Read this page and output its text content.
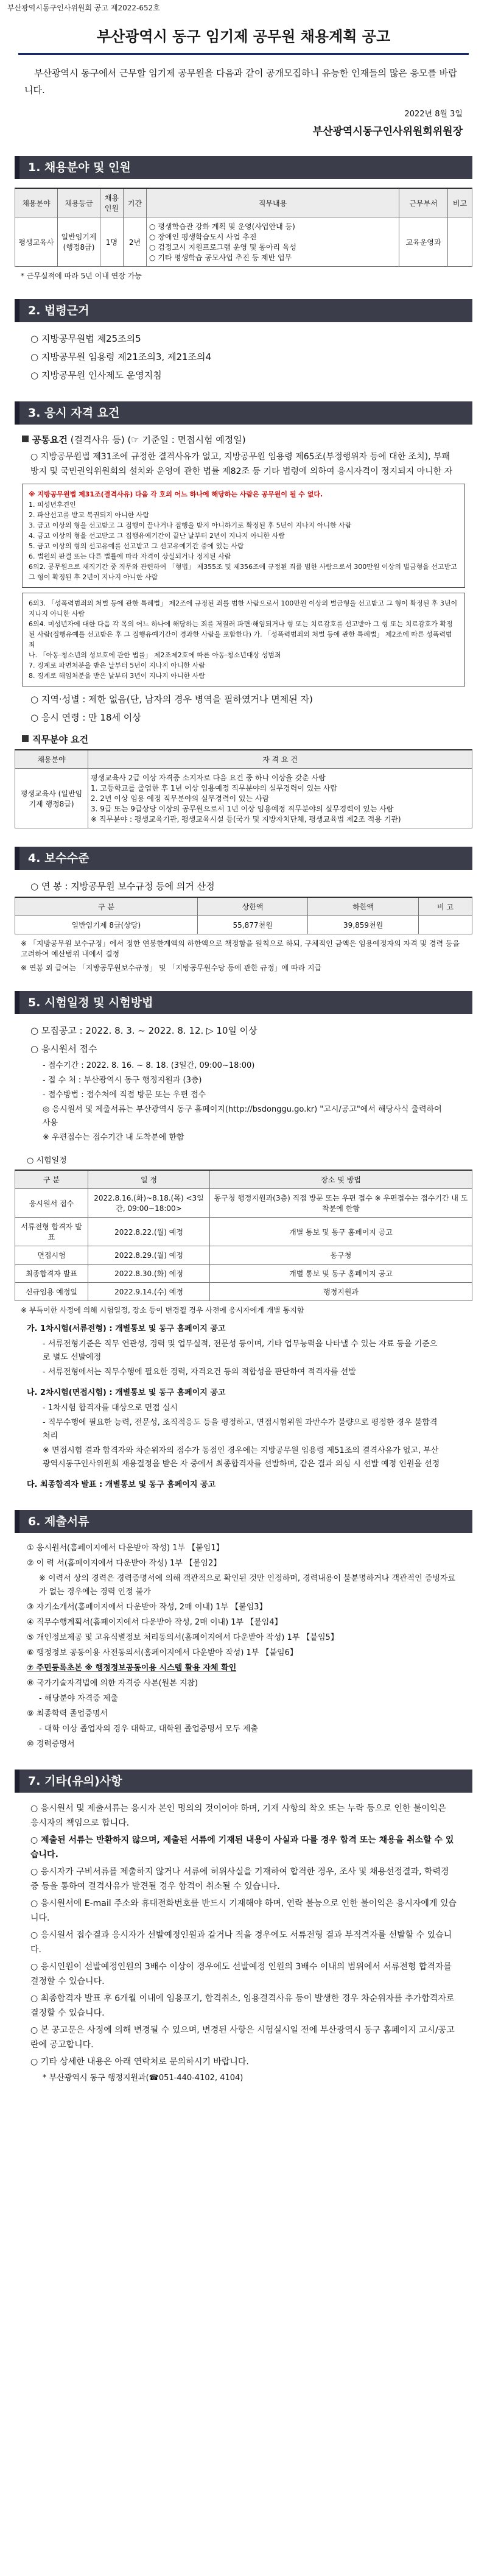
부산광역시동구인사위원회 공고 제2022-652호
부산광역시 동구 임기제 공무원 채용계획 공고
부산광역시 동구에서 근무할 임기제 공무원을 다음과 같이 공개모집하니 유능한 인재들의 많은 응모를 바랍니다.
2022년 8월 3일
부산광역시동구인사위원회위원장
1. 채용분야 및 인원
채용분야	채용등급	채용인원	기간	직무내용	근무부서	비고
평생교육사	일반임기제(행정8급)	1명	2년	○ 평생학습관 강화 계획 및 운영(사업안내 등)
○ 장애인 평생학습도시 사업 추진
○ 검정고시 지원프로그램 운영 및 동아리 육성
○ 기타 평생학습 공모사업 추진 등 제반 업무	교육운영과	
* 근무실적에 따라 5년 이내 연장 가능
2. 법령근거
○ 지방공무원법 제25조의5
○ 지방공무원 임용령 제21조의3, 제21조의4
○ 지방공무원 인사제도 운영지침
3. 응시 자격 요건
공통요건 (결격사유 등) (☞ 기준일 : 면접시험 예정일)
○ 지방공무원법 제31조에 규정한 결격사유가 없고, 지방공무원 임용령 제65조(부정행위자 등에 대한 조치), 부패방지 및 국민권익위원회의 설치와 운영에 관한 법률 제82조 등 기타 법령에 의하여 응시자격이 정지되지 아니한 자
※ 지방공무원법 제31조(결격사유) 다음 각 호의 어느 하나에 해당하는 사람은 공무원이 될 수 없다.
1. 피성년후견인
2. 파산선고를 받고 복권되지 아니한 사람
3. 금고 이상의 형을 선고받고 그 집행이 끝나거나 집행을 받지 아니하기로 확정된 후 5년이 지나지 아니한 사람
4. 금고 이상의 형을 선고받고 그 집행유예기간이 끝난 날부터 2년이 지나지 아니한 사람
5. 금고 이상의 형의 선고유예를 선고받고 그 선고유예기간 중에 있는 사람
6. 법원의 판결 또는 다른 법률에 따라 자격이 상실되거나 정지된 사람
6의2. 공무원으로 재직기간 중 직무와 관련하여 「형법」 제355조 및 제356조에 규정된 죄를 범한 사람으로서 300만원 이상의 벌금형을 선고받고 그 형이 확정된 후 2년이 지나지 아니한 사람
6의3. 「성폭력범죄의 처벌 등에 관한 특례법」 제2조에 규정된 죄를 범한 사람으로서 100만원 이상의 벌금형을 선고받고 그 형이 확정된 후 3년이 지나지 아니한 사람
6의4. 미성년자에 대한 다음 각 목의 어느 하나에 해당하는 죄를 저질러 파면·해임되거나 형 또는 치료감호를 선고받아 그 형 또는 치료감호가 확정된 사람(집행유예를 선고받은 후 그 집행유예기간이 경과한 사람을 포함한다) 가. 「성폭력범죄의 처벌 등에 관한 특례법」 제2조에 따른 성폭력범죄
나. 「아동·청소년의 성보호에 관한 법률」 제2조제2호에 따른 아동·청소년대상 성범죄
7. 징계로 파면처분을 받은 날부터 5년이 지나지 아니한 사람
8. 징계로 해임처분을 받은 날부터 3년이 지나지 아니한 사람
○ 지역·성별 : 제한 없음(단, 남자의 경우 병역을 필하였거나 면제된 자)
○ 응시 연령 : 만 18세 이상
직무분야 요건
채용분야	자 격 요 건
평생교육사 (일반임기제 행정8급)	평생교육사 2급 이상 자격증 소지자로 다음 요건 중 하나 이상을 갖춘 사람
1. 고등학교를 졸업한 후 1년 이상 임용예정 직무분야의 실무경력이 있는 사람
2. 2년 이상 임용 예정 직무분야의 실무경력이 있는 사람
3. 9급 또는 9급상당 이상의 공무원으로서 1년 이상 임용예정 직무분야의 실무경력이 있는 사람
※ 직무분야 : 평생교육기관, 평생교육시설 등(국가 및 지방자치단체, 평생교육법 제2조 적용 기관)
4. 보수수준
○ 연 봉 : 지방공무원 보수규정 등에 의거 산정
구 분	상한액	하한액	비 고
일반임기제 8급(상당)	55,877천원	39,859천원	
※ 「지방공무원 보수규정」에서 정한 연봉한계액의 하한액으로 책정함을 원칙으로 하되, 구체적인 금액은 임용예정자의 자격 및 경력 등을 고려하여 예산범위 내에서 결정
※ 연봉 외 급여는 「지방공무원보수규정」 및 「지방공무원수당 등에 관한 규정」에 따라 지급
5. 시험일정 및 시험방법
○ 모집공고 : 2022. 8. 3. ~ 2022. 8. 12. ▷ 10일 이상
○ 응시원서 접수
- 접수기간 : 2022. 8. 16. ~ 8. 18. (3일간, 09:00~18:00)
- 접 수 처 : 부산광역시 동구 행정지원과 (3층)
- 접수방법 : 접수처에 직접 방문 또는 우편 접수
◎ 응시원서 및 제출서류는 부산광역시 동구 홈페이지(http://bsdonggu.go.kr) "고시/공고"에서 해당사식 출력하여 사용
※ 우편접수는 접수기간 내 도착분에 한함
○ 시험일정
구 분	일 정	장소 및 방법
응시원서 접수	2022.8.16.(화)~8.18.(목) <3일간, 09:00~18:00>	동구청 행정지원과(3층) 직접 방문 또는 우편 접수 ※ 우편접수는 접수기간 내 도착분에 한함
서류전형 합격자 발표	2022.8.22.(월) 예정	개별 통보 및 동구 홈페이지 공고
면접시험	2022.8.29.(월) 예정	동구청
최종합격자 발표	2022.8.30.(화) 예정	개별 통보 및 동구 홈페이지 공고
신규임용 예정일	2022.9.14.(수) 예정	행정지원과
※ 부득이한 사정에 의해 시험일정, 장소 등이 변경될 경우 사전에 응시자에게 개별 통지함
가. 1차시험(서류전형) : 개별통보 및 동구 홈페이지 공고
- 서류전형기준은 직무 연관성, 경력 및 업무실적, 전문성 등이며, 기타 업무능력을 나타낼 수 있는 자료 등을 기준으로 별도 선발예정
- 서류전형에서는 직무수행에 필요한 경력, 자격요건 등의 적합성을 판단하여 적격자를 선발
나. 2차시험(면접시험) : 개별통보 및 동구 홈페이지 공고
- 1차시험 합격자를 대상으로 면접 실시
- 직무수행에 필요한 능력, 전문성, 조직적응도 등을 평정하고, 면접시험위원 과반수가 불량으로 평정한 경우 불합격 처리
※ 면접시험 결과 합격자와 차순위자의 점수가 동점인 경우에는 지방공무원 임용령 제51조의 결격사유가 없고, 부산광역시동구인사위원회 재용결정을 받은 자 중에서 최종합격자를 선발하며, 같은 결과 의심 시 선발 예정 인원을 선정
다. 최종합격자 발표 : 개별통보 및 동구 홈페이지 공고
6. 제출서류
① 응시원서(홈페이지에서 다운받아 작성) 1부 【붙임1】
② 이 력 서(홈페이지에서 다운받아 작성) 1부 【붙임2】
※ 이력서 상의 경력은 경력증명서에 의해 객관적으로 확인된 것만 인정하며, 경력내용이 불분명하거나 객관적인 증빙자료가 없는 경우에는 경력 인정 불가
③ 자기소개서(홈페이지에서 다운받아 작성, 2매 이내) 1부 【붙임3】
④ 직무수행계획서(홈페이지에서 다운받아 작성, 2매 이내) 1부 【붙임4】
⑤ 개인정보제공 및 고유식별정보 처리동의서(홈페이지에서 다운받아 작성) 1부 【붙임5】
⑥ 행정정보 공동이용 사전동의서(홈페이지에서 다운받아 작성) 1부 【붙임6】
⑦ 주민등록초본 ※ 행정정보공동이용 시스템 활용 자체 확인
⑧ 국가기술자격법에 의한 자격증 사본(원본 지참)
- 해당분야 자격증 제출
⑨ 최종학력 졸업증명서
- 대학 이상 졸업자의 경우 대학교, 대학원 졸업증명서 모두 제출
⑩ 경력증명서
7. 기타(유의)사항
○ 응시원서 및 제출서류는 응시자 본인 명의의 것이어야 하며, 기재 사항의 착오 또는 누락 등으로 인한 불이익은 응시자의 책임으로 합니다.
○ 제출된 서류는 반환하지 않으며, 제출된 서류에 기재된 내용이 사실과 다를 경우 합격 또는 채용을 취소할 수 있습니다.
○ 응시자가 구비서류를 제출하지 않거나 서류에 허위사실을 기재하여 합격한 경우, 조사 및 채용선정결과, 학력경증 등을 통하여 결격사유가 발견될 경우 합격이 취소될 수 있습니다.
○ 응시원서에 E-mail 주소와 휴대전화번호를 반드시 기재해야 하며, 연락 불능으로 인한 불이익은 응시자에게 있습니다.
○ 응시원서 접수결과 응시자가 선발예정인원과 같거나 적을 경우에도 서류전형 결과 부적격자를 선발할 수 있습니다.
○ 응시인원이 선발예정인원의 3배수 이상이 경우에도 선발예정 인원의 3배수 이내의 범위에서 서류전형 합격자를 결정할 수 있습니다.
○ 최종합격자 발표 후 6개월 이내에 임용포기, 합격취소, 임용결격사유 등이 발생한 경우 차순위자를 추가합격자로 결정할 수 있습니다.
○ 본 공고문은 사정에 의해 변경될 수 있으며, 변경된 사항은 시험실시일 전에 부산광역시 동구 홈페이지 고시/공고란에 공고합니다.
○ 기타 상세한 내용은 아래 연락처로 문의하시기 바랍니다.
* 부산광역시 동구 행정지원과(☎051-440-4102, 4104)
